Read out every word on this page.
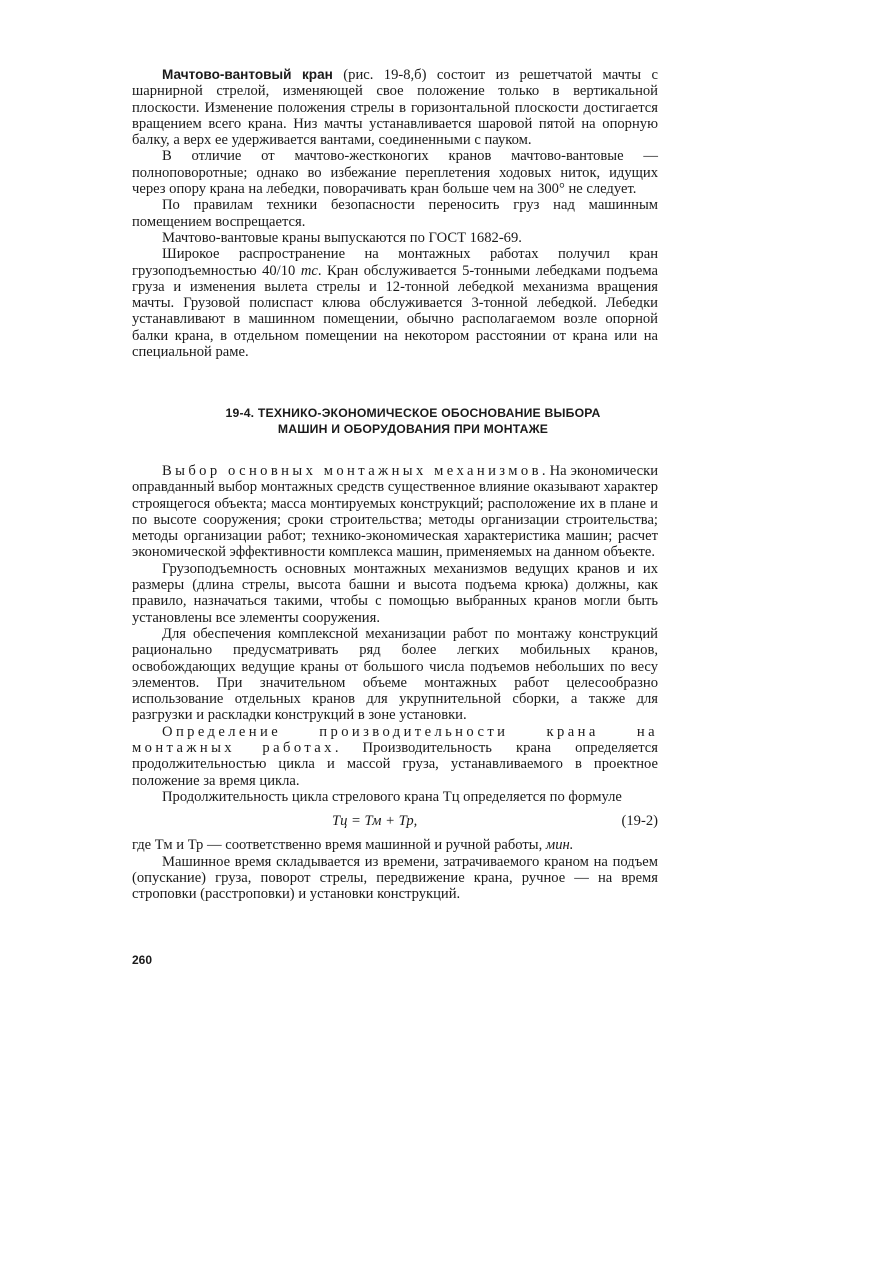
Мачтово-вантовый кран (рис. 19-8,б) состоит из решетчатой мачты с шарнирной стрелой, изменяющей свое положение только в вертикальной плоскости. Изменение положения стрелы в горизонтальной плоскости достигается вращением всего крана. Низ мачты устанавливается шаровой пятой на опорную балку, а верх ее удерживается вантами, соединенными с пауком.

В отличие от мачтово-жестконогих кранов мачтово-вантовые — полноповоротные; однако во избежание переплетения ходовых ниток, идущих через опору крана на лебедки, поворачивать кран больше чем на 300° не следует.

По правилам техники безопасности переносить груз над машинным помещением воспрещается.

Мачтово-вантовые краны выпускаются по ГОСТ 1682-69.

Широкое распространение на монтажных работах получил кран грузоподъемностью 40/10 тс. Кран обслуживается 5-тонными лебедками подъема груза и изменения вылета стрелы и 12-тонной лебедкой механизма вращения мачты. Грузовой полиспаст клюва обслуживается 3-тонной лебедкой. Лебедки устанавливают в машинном помещении, обычно располагаемом возле опорной балки крана, в отдельном помещении на некотором расстоянии от крана или на специальной раме.

19-4. ТЕХНИКО-ЭКОНОМИЧЕСКОЕ ОБОСНОВАНИЕ ВЫБОРА
МАШИН И ОБОРУДОВАНИЯ ПРИ МОНТАЖЕ

Выбор основных монтажных механизмов. На экономически оправданный выбор монтажных средств существенное влияние оказывают характер строящегося объекта; масса монтируемых конструкций; расположение их в плане и по высоте сооружения; сроки строительства; методы организации строительства; методы организации работ; технико-экономическая характеристика машин; расчет экономической эффективности комплекса машин, применяемых на данном объекте.

Грузоподъемность основных монтажных механизмов ведущих кранов и их размеры (длина стрелы, высота башни и высота подъема крюка) должны, как правило, назначаться такими, чтобы с помощью выбранных кранов могли быть установлены все элементы сооружения.

Для обеспечения комплексной механизации работ по монтажу конструкций рационально предусматривать ряд более легких мобильных кранов, освобождающих ведущие краны от большого числа подъемов небольших по весу элементов. При значительном объеме монтажных работ целесообразно использование отдельных кранов для укрупнительной сборки, а также для разгрузки и раскладки конструкций в зоне установки.

Определение производительности крана на монтажных работах. Производительность крана определяется продолжительностью цикла и массой груза, устанавливаемого в проектное положение за время цикла.

Продолжительность цикла стрелового крана Тц определяется по формуле

Тц = Тм + Тр,	(19-2)

где Тм и Тр — соответственно время машинной и ручной работы, мин.

Машинное время складывается из времени, затрачиваемого краном на подъем (опускание) груза, поворот стрелы, передвижение крана, ручное — на время строповки (расстроповки) и установки конструкций.

260
